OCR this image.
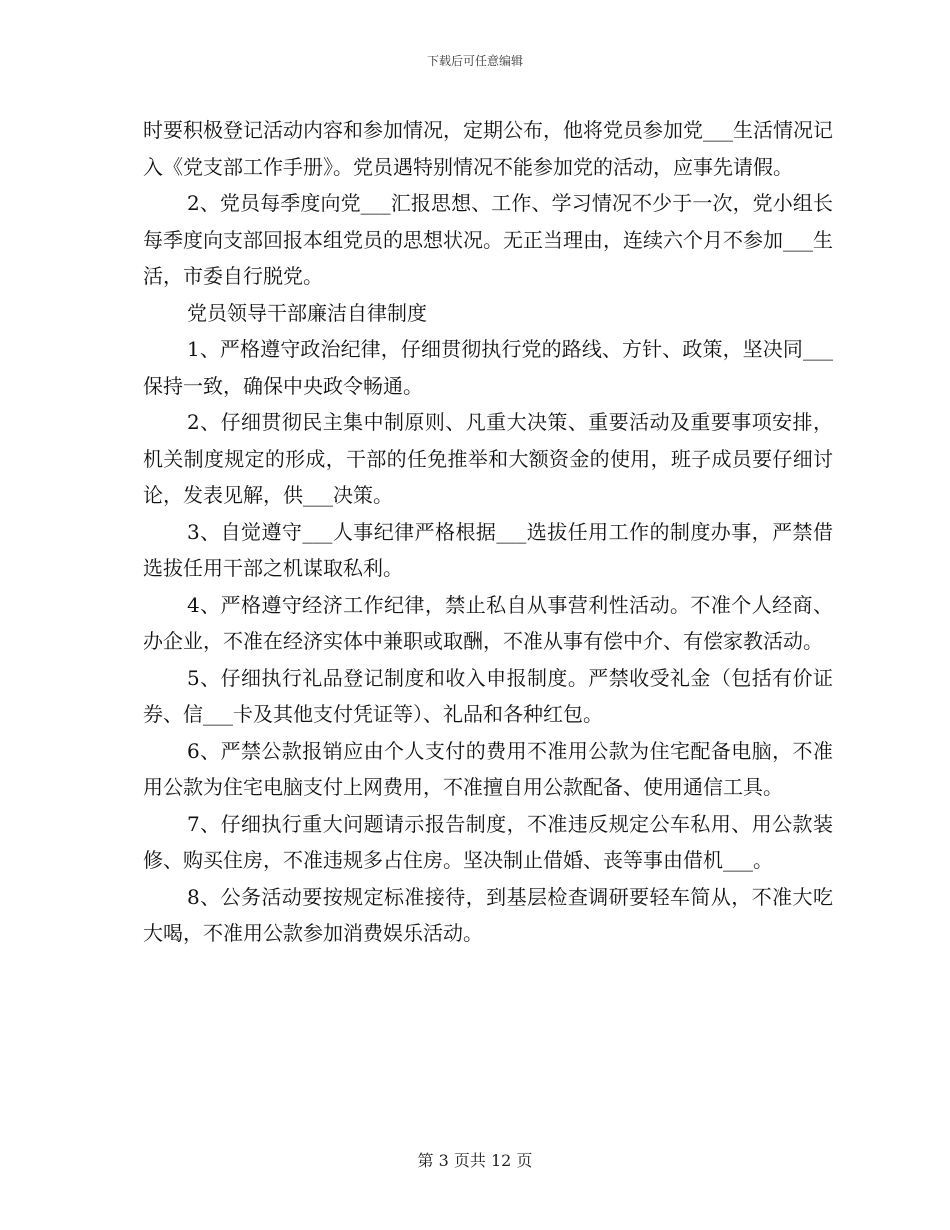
下载后可任意编辑

时要积极登记活动内容和参加情况，定期公布，他将党员参加党___生活情况记入《党支部工作手册》。党员遇特别情况不能参加党的活动，应事先请假。

2、党员每季度向党___汇报思想、工作、学习情况不少于一次，党小组长每季度向支部回报本组党员的思想状况。无正当理由，连续六个月不参加___生活，市委自行脱党。

党员领导干部廉洁自律制度

1、严格遵守政治纪律，仔细贯彻执行党的路线、方针、政策，坚决同___保持一致，确保中央政令畅通。

2、仔细贯彻民主集中制原则、凡重大决策、重要活动及重要事项安排，机关制度规定的形成，干部的任免推举和大额资金的使用，班子成员要仔细讨论，发表见解，供___决策。

3、自觉遵守___人事纪律严格根据___选拔任用工作的制度办事，严禁借选拔任用干部之机谋取私利。

4、严格遵守经济工作纪律，禁止私自从事营利性活动。不准个人经商、办企业，不准在经济实体中兼职或取酬，不准从事有偿中介、有偿家教活动。

5、仔细执行礼品登记制度和收入申报制度。严禁收受礼金（包括有价证券、信___卡及其他支付凭证等）、礼品和各种红包。

6、严禁公款报销应由个人支付的费用不准用公款为住宅配备电脑，不准用公款为住宅电脑支付上网费用，不准擅自用公款配备、使用通信工具。

7、仔细执行重大问题请示报告制度，不准违反规定公车私用、用公款装修、购买住房，不准违规多占住房。坚决制止借婚、丧等事由借机___。

8、公务活动要按规定标准接待，到基层检查调研要轻车简从，不准大吃大喝，不准用公款参加消费娱乐活动。

第 3 页共 12 页
